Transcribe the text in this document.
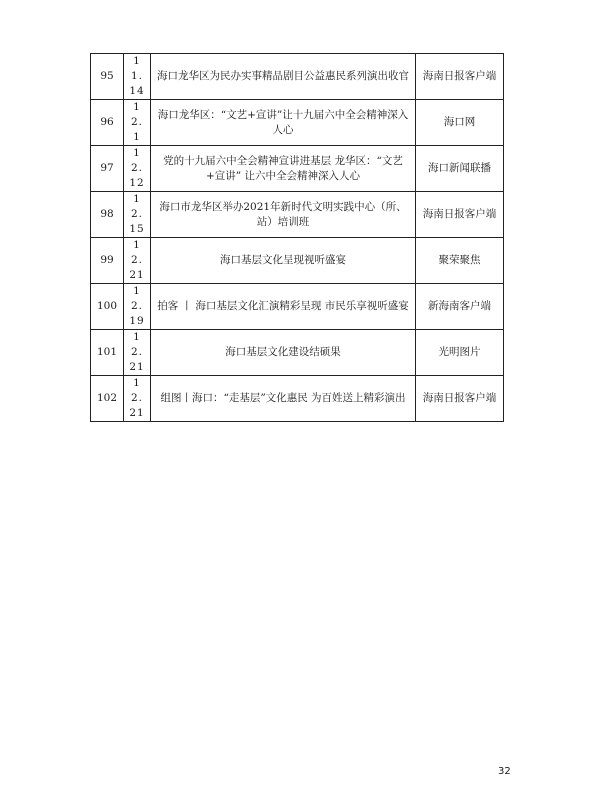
95	11.14	海口龙华区为民办实事精品剧目公益惠民系列演出收官	海南日报客户端
96	12.1	海口龙华区：“文艺+宣讲”让十九届六中全会精神深入人心	海口网
97	12.12	党的十九届六中全会精神宣讲进基层 龙华区：“文艺+宣讲” 让六中全会精神深入人心	海口新闻联播
98	12.15	海口市龙华区举办2021年新时代文明实践中心（所、站）培训班	海南日报客户端
99	12.21	海口基层文化呈现视听盛宴	聚荣聚焦
100	12.19	拍客 丨 海口基层文化汇演精彩呈现 市民乐享视听盛宴	新海南客户端
101	12.21	海口基层文化建设结硕果	光明图片
102	12.21	组图丨海口：“走基层”文化惠民 为百姓送上精彩演出	海南日报客户端
32
